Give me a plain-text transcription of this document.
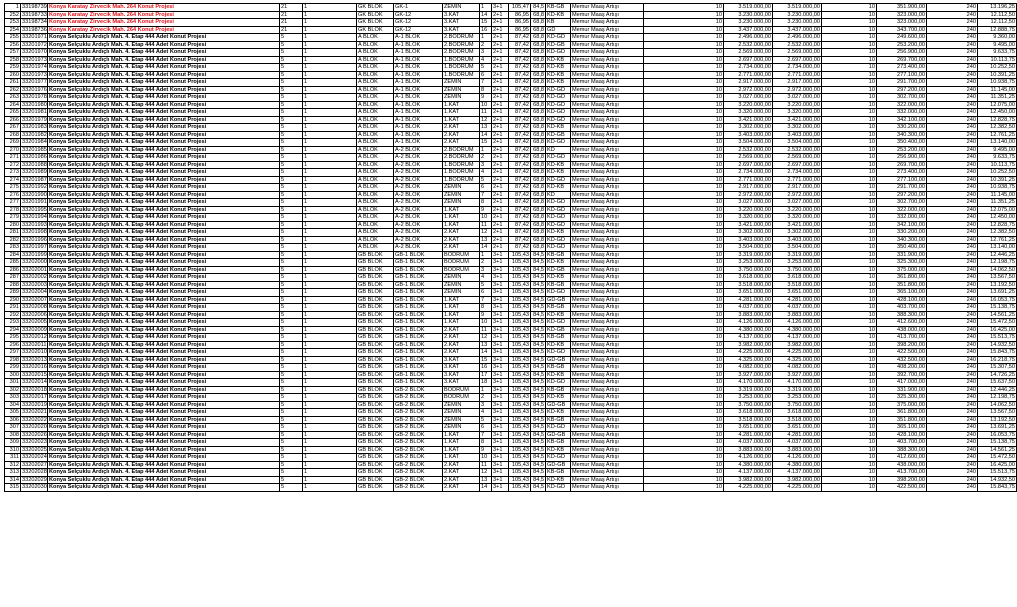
1	33198739	Konya Karatay Zirvecik Mah. 264 Konut Projesi	21	1	GK BLOK	GK-1	ZEMİN	1	3+1	105,47	84,5	KB-GB	Memur Maaş Artışı	10	3.519.000,00	3.519.000,00	10	351.900,00	240	13.196,25
252	33198733	Konya Karatay Zirvecik Mah. 264 Konut Projesi	21	1	GK BLOK	GK-12	3.KAT	14	2+1	86,95	68,8	KD-KB	Memur Maaş Artışı	10	3.230.000,00	3.230.000,00	10	323.000,00	240	12.112,50
253	33198734	Konya Karatay Zirvecik Mah. 264 Konut Projesi	21	1	GK BLOK	GK-12	3.KAT	15	2+1	86,95	68,8	KB	Memur Maaş Artışı	10	3.230.000,00	3.230.000,00	10	323.000,00	240	12.112,50
254	33198736	Konya Karatay Zirvecik Mah. 264 Konut Projesi	21	1	GK BLOK	GK-12	3.KAT	16	2+1	86,95	68,8	GD	Memur Maaş Artışı	10	3.437.000,00	3.437.000,00	10	343.700,00	240	12.888,75
255	33201971	Konya Selçuklu Ardıçlı Mah. 4. Etap 444 Adet Konut Projesi	5	1	A BLOK	A-1 BLOK	2.BODRUM	1	2+1	87,42	68,8	KD-GD	Memur Maaş Artışı	10	2.496.000,00	2.496.000,00	10	249.600,00	240	9.360,00
256	33201972	Konya Selçuklu Ardıçlı Mah. 4. Etap 444 Adet Konut Projesi	5	1	A BLOK	A-1 BLOK	2.BODRUM	2	2+1	87,42	68,8	KD-GB	Memur Maaş Artışı	10	2.532.000,00	2.532.000,00	10	253.200,00	240	9.495,00
257	33201970	Konya Selçuklu Ardıçlı Mah. 4. Etap 444 Adet Konut Projesi	5	1	A BLOK	A-1 BLOK	2.BODRUM	3	2+1	87,42	68,8	KD-GD	Memur Maaş Artışı	10	2.569.000,00	2.569.000,00	10	256.900,00	240	9.633,75
258	33201973	Konya Selçuklu Ardıçlı Mah. 4. Etap 444 Adet Konut Projesi	5	1	A BLOK	A-1 BLOK	1.BODRUM	4	2+1	87,42	68,8	KD-KB	Memur Maaş Artışı	10	2.697.000,00	2.697.000,00	10	269.700,00	240	10.113,75
259	33201974	Konya Selçuklu Ardıçlı Mah. 4. Etap 444 Adet Konut Projesi	5	1	A BLOK	A-1 BLOK	1.BODRUM	5	2+1	87,42	68,8	KD-KB	Memur Maaş Artışı	10	2.734.000,00	2.734.000,00	10	273.400,00	240	10.252,50
260	33201973	Konya Selçuklu Ardıçlı Mah. 4. Etap 444 Adet Konut Projesi	5	1	A BLOK	A-1 BLOK	1.BODRUM	6	2+1	87,42	68,8	KD-KB	Memur Maaş Artışı	10	2.771.000,00	2.771.000,00	10	277.100,00	240	10.391,25
261	33201977	Konya Selçuklu Ardıçlı Mah. 4. Etap 444 Adet Konut Projesi	5	1	A BLOK	A-1 BLOK	ZEMİN	7	2+1	87,42	68,8	KD-KB	Memur Maaş Artışı	10	2.917.000,00	2.917.000,00	10	291.700,00	240	10.938,75
262	33201976	Konya Selçuklu Ardıçlı Mah. 4. Etap 444 Adet Konut Projesi	5	1	A BLOK	A-1 BLOK	ZEMİN	8	2+1	87,42	68,8	KD-GD	Memur Maaş Artışı	10	2.972.000,00	2.972.000,00	10	297.200,00	240	11.145,00
263	33201978	Konya Selçuklu Ardıçlı Mah. 4. Etap 444 Adet Konut Projesi	5	1	A BLOK	A-1 BLOK	ZEMİN	9	2+1	87,42	68,8	KD-GD	Memur Maaş Artışı	10	3.027.000,00	3.027.000,00	10	302.700,00	240	11.351,25
264	33201980	Konya Selçuklu Ardıçlı Mah. 4. Etap 444 Adet Konut Projesi	5	1	A BLOK	A-1 BLOK	1.KAT	10	2+1	87,42	68,8	KD-GD	Memur Maaş Artışı	10	3.220.000,00	3.220.000,00	10	322.000,00	240	12.075,00
265	33201981	Konya Selçuklu Ardıçlı Mah. 4. Etap 444 Adet Konut Projesi	5	1	A BLOK	A-1 BLOK	1.KAT	11	2+1	87,42	68,8	KD-GD	Memur Maaş Artışı	10	3.320.000,00	3.320.000,00	10	332.000,00	240	12.450,00
266	33201979	Konya Selçuklu Ardıçlı Mah. 4. Etap 444 Adet Konut Projesi	5	1	A BLOK	A-1 BLOK	1.KAT	12	2+1	87,42	68,8	KD-GD	Memur Maaş Artışı	10	3.421.000,00	3.421.000,00	10	342.100,00	240	12.828,75
267	33201983	Konya Selçuklu Ardıçlı Mah. 4. Etap 444 Adet Konut Projesi	5	1	A BLOK	A-1 BLOK	2.KAT	13	2+1	87,42	68,8	KD-KB	Memur Maaş Artışı	10	3.302.000,00	3.302.000,00	10	330.200,00	240	12.382,50
268	33201982	Konya Selçuklu Ardıçlı Mah. 4. Etap 444 Adet Konut Projesi	5	1	A BLOK	A-1 BLOK	2.KAT	14	2+1	87,42	68,8	KD-GB	Memur Maaş Artışı	10	3.403.000,00	3.403.000,00	10	340.300,00	240	12.761,25
269	33201984	Konya Selçuklu Ardıçlı Mah. 4. Etap 444 Adet Konut Projesi	5	1	A BLOK	A-1 BLOK	2.KAT	15	2+1	87,42	68,8	KD-GD	Memur Maaş Artışı	10	3.504.000,00	3.504.000,00	10	350.400,00	240	13.140,00
270	33201985	Konya Selçuklu Ardıçlı Mah. 4. Etap 444 Adet Konut Projesi	5	1	A BLOK	A-2 BLOK	2.BODRUM	1	2+1	87,42	68,8	KD	Memur Maaş Artışı	10	2.532.000,00	2.532.000,00	10	253.200,00	240	9.495,00
271	33201986	Konya Selçuklu Ardıçlı Mah. 4. Etap 444 Adet Konut Projesi	5	1	A BLOK	A-2 BLOK	2.BODRUM	2	2+1	87,42	68,8	KD-GD	Memur Maaş Artışı	10	2.569.000,00	2.569.000,00	10	256.900,00	240	9.633,75
272	33201988	Konya Selçuklu Ardıçlı Mah. 4. Etap 444 Adet Konut Projesi	5	1	A BLOK	A-2 BLOK	1.BODRUM	3	2+1	87,42	68,8	KD-KB	Memur Maaş Artışı	10	2.697.000,00	2.697.000,00	10	269.700,00	240	10.113,75
273	33201989	Konya Selçuklu Ardıçlı Mah. 4. Etap 444 Adet Konut Projesi	5	1	A BLOK	A-2 BLOK	1.BODRUM	4	2+1	87,42	68,8	KD-KB	Memur Maaş Artışı	10	2.734.000,00	2.734.000,00	10	273.400,00	240	10.252,50
274	33201987	Konya Selçuklu Ardıçlı Mah. 4. Etap 444 Adet Konut Projesi	5	1	A BLOK	A-2 BLOK	1.BODRUM	5	2+1	87,42	68,8	KD-GD	Memur Maaş Artışı	10	2.771.000,00	2.771.000,00	10	277.100,00	240	10.391,25
275	33201992	Konya Selçuklu Ardıçlı Mah. 4. Etap 444 Adet Konut Projesi	5	1	A BLOK	A-2 BLOK	ZEMİN	6	2+1	87,42	68,8	KD-KB	Memur Maaş Artışı	10	2.917.000,00	2.917.000,00	10	291.700,00	240	10.938,75
276	33201990	Konya Selçuklu Ardıçlı Mah. 4. Etap 444 Adet Konut Projesi	5	1	A BLOK	A-2 BLOK	ZEMİN	7	2+1	87,42	68,8	KD	Memur Maaş Artışı	10	2.972.000,00	2.972.000,00	10	297.200,00	240	11.145,00
277	33201991	Konya Selçuklu Ardıçlı Mah. 4. Etap 444 Adet Konut Projesi	5	1	A BLOK	A-2 BLOK	ZEMİN	8	2+1	87,42	68,8	KD-GD	Memur Maaş Artışı	10	3.027.000,00	3.027.000,00	10	302.700,00	240	11.351,25
278	33201995	Konya Selçuklu Ardıçlı Mah. 4. Etap 444 Adet Konut Projesi	5	1	A BLOK	A-2 BLOK	1.KAT	9	2+1	87,42	68,8	KD-GD	Memur Maaş Artışı	10	3.220.000,00	3.220.000,00	10	322.000,00	240	12.075,00
279	33201994	Konya Selçuklu Ardıçlı Mah. 4. Etap 444 Adet Konut Projesi	5	1	A BLOK	A-2 BLOK	1.KAT	10	2+1	87,42	68,8	KD-GD	Memur Maaş Artışı	10	3.320.000,00	3.320.000,00	10	332.000,00	240	12.450,00
280	33201993	Konya Selçuklu Ardıçlı Mah. 4. Etap 444 Adet Konut Projesi	5	1	A BLOK	A-2 BLOK	1.KAT	11	2+1	87,42	68,8	KD-GD	Memur Maaş Artışı	10	3.421.000,00	3.421.000,00	10	342.100,00	240	12.828,75
281	33201998	Konya Selçuklu Ardıçlı Mah. 4. Etap 444 Adet Konut Projesi	5	1	A BLOK	A-2 BLOK	2.KAT	12	2+1	87,42	68,8	KD-KB	Memur Maaş Artışı	10	3.302.000,00	3.302.000,00	10	330.200,00	240	12.382,50
282	33201996	Konya Selçuklu Ardıçlı Mah. 4. Etap 444 Adet Konut Projesi	5	1	A BLOK	A-2 BLOK	2.KAT	13	2+1	87,42	68,8	KD-GD	Memur Maaş Artışı	10	3.403.000,00	3.403.000,00	10	340.300,00	240	12.761,25
283	33201997	Konya Selçuklu Ardıçlı Mah. 4. Etap 444 Adet Konut Projesi	5	1	A BLOK	A-2 BLOK	2.KAT	14	2+1	87,42	68,8	KD-GD	Memur Maaş Artışı	10	3.504.000,00	3.504.000,00	10	350.400,00	240	13.140,00
284	33201999	Konya Selçuklu Ardıçlı Mah. 4. Etap 444 Adet Konut Projesi	5	1	GB BLOK	GB-1 BLOK	BODRUM	1	3+1	105,43	84,5	KB-GB	Memur Maaş Artışı	10	3.319.000,00	3.319.000,00	10	331.900,00	240	12.446,25
285	33202000	Konya Selçuklu Ardıçlı Mah. 4. Etap 444 Adet Konut Projesi	5	1	GB BLOK	GB-1 BLOK	BODRUM	2	3+1	105,43	84,5	KD-KB	Memur Maaş Artışı	10	3.253.000,00	3.253.000,00	10	325.300,00	240	12.198,75
286	33202001	Konya Selçuklu Ardıçlı Mah. 4. Etap 444 Adet Konut Projesi	5	1	GB BLOK	GB-1 BLOK	BODRUM	3	3+1	105,43	84,5	KD-GB	Memur Maaş Artışı	10	3.750.000,00	3.750.000,00	10	375.000,00	240	14.062,50
287	33202002	Konya Selçuklu Ardıçlı Mah. 4. Etap 444 Adet Konut Projesi	5	1	GB BLOK	GB-1 BLOK	ZEMİN	4	3+1	105,43	84,5	KD-KB	Memur Maaş Artışı	10	3.618.000,00	3.618.000,00	10	361.800,00	240	13.567,50
288	33202003	Konya Selçuklu Ardıçlı Mah. 4. Etap 444 Adet Konut Projesi	5	1	GB BLOK	GB-1 BLOK	ZEMİN	5	3+1	105,43	84,5	KB-GB	Memur Maaş Artışı	10	3.518.000,00	3.518.000,00	10	351.800,00	240	13.192,50
289	33202004	Konya Selçuklu Ardıçlı Mah. 4. Etap 444 Adet Konut Projesi	5	1	GB BLOK	GB-1 BLOK	ZEMİN	6	3+1	105,43	84,5	KD-GD	Memur Maaş Artışı	10	3.651.000,00	3.651.000,00	10	365.100,00	240	13.691,25
290	33202007	Konya Selçuklu Ardıçlı Mah. 4. Etap 444 Adet Konut Projesi	5	1	GB BLOK	GB-1 BLOK	1.KAT	7	3+1	105,43	84,5	GD-GB	Memur Maaş Artışı	10	4.281.000,00	4.281.000,00	10	428.100,00	240	16.053,75
291	33202008	Konya Selçuklu Ardıçlı Mah. 4. Etap 444 Adet Konut Projesi	5	1	GB BLOK	GB-1 BLOK	1.KAT	8	3+1	105,43	84,5	KB-GB	Memur Maaş Artışı	10	4.037.000,00	4.037.000,00	10	403.700,00	240	15.138,75
292	33202006	Konya Selçuklu Ardıçlı Mah. 4. Etap 444 Adet Konut Projesi	5	1	GB BLOK	GB-1 BLOK	1.KAT	9	3+1	105,43	84,5	KD-KB	Memur Maaş Artışı	10	3.883.000,00	3.883.000,00	10	388.300,00	240	14.561,25
293	33202005	Konya Selçuklu Ardıçlı Mah. 4. Etap 444 Adet Konut Projesi	5	1	GB BLOK	GB-1 BLOK	1.KAT	10	3+1	105,43	84,5	KD-GD	Memur Maaş Artışı	10	4.126.000,00	4.126.000,00	10	412.600,00	240	15.472,50
294	33202009	Konya Selçuklu Ardıçlı Mah. 4. Etap 444 Adet Konut Projesi	5	1	GB BLOK	GB-1 BLOK	2.KAT	11	3+1	105,43	84,5	KD-GB	Memur Maaş Artışı	10	4.380.000,00	4.380.000,00	10	438.000,00	240	16.425,00
295	33202012	Konya Selçuklu Ardıçlı Mah. 4. Etap 444 Adet Konut Projesi	5	1	GB BLOK	GB-1 BLOK	2.KAT	12	3+1	105,43	84,5	KB-GB	Memur Maaş Artışı	10	4.137.000,00	4.137.000,00	10	413.700,00	240	15.513,75
296	33202011	Konya Selçuklu Ardıçlı Mah. 4. Etap 444 Adet Konut Projesi	5	1	GB BLOK	GB-1 BLOK	2.KAT	13	3+1	105,43	84,5	KD-KB	Memur Maaş Artışı	10	3.982.000,00	3.982.000,00	10	398.200,00	240	14.932,50
297	33202010	Konya Selçuklu Ardıçlı Mah. 4. Etap 444 Adet Konut Projesi	5	1	GB BLOK	GB-1 BLOK	2.KAT	14	3+1	105,43	84,5	KD-GD	Memur Maaş Artışı	10	4.225.000,00	4.225.000,00	10	422.500,00	240	15.843,75
298	33202013	Konya Selçuklu Ardıçlı Mah. 4. Etap 444 Adet Konut Projesi	5	1	GB BLOK	GB-1 BLOK	3.KAT	15	3+1	105,43	84,5	GD-GB	Memur Maaş Artışı	10	4.325.000,00	4.325.000,00	10	432.500,00	240	16.218,75
299	33202016	Konya Selçuklu Ardıçlı Mah. 4. Etap 444 Adet Konut Projesi	5	1	GB BLOK	GB-1 BLOK	3.KAT	16	3+1	105,43	84,5	KB-GB	Memur Maaş Artışı	10	4.082.000,00	4.082.000,00	10	408.200,00	240	15.307,50
300	33202015	Konya Selçuklu Ardıçlı Mah. 4. Etap 444 Adet Konut Projesi	5	1	GB BLOK	GB-1 BLOK	3.KAT	17	3+1	105,43	84,5	KD-KB	Memur Maaş Artışı	10	3.927.000,00	3.927.000,00	10	392.700,00	240	14.726,25
301	33202014	Konya Selçuklu Ardıçlı Mah. 4. Etap 444 Adet Konut Projesi	5	1	GB BLOK	GB-1 BLOK	3.KAT	18	3+1	105,43	84,5	KD-GD	Memur Maaş Artışı	10	4.170.000,00	4.170.000,00	10	417.000,00	240	15.637,50
302	33202018	Konya Selçuklu Ardıçlı Mah. 4. Etap 444 Adet Konut Projesi	5	1	GB BLOK	GB-2 BLOK	BODRUM	1	3+1	105,43	84,5	KB-GB	Memur Maaş Artışı	10	3.319.000,00	3.319.000,00	10	331.900,00	240	12.446,25
303	33202017	Konya Selçuklu Ardıçlı Mah. 4. Etap 444 Adet Konut Projesi	5	1	GB BLOK	GB-2 BLOK	BODRUM	2	3+1	105,43	84,5	KD-KB	Memur Maaş Artışı	10	3.253.000,00	3.253.000,00	10	325.300,00	240	12.198,75
304	33202019	Konya Selçuklu Ardıçlı Mah. 4. Etap 444 Adet Konut Projesi	5	1	GB BLOK	GB-2 BLOK	ZEMİN	3	3+1	105,43	84,5	GD-GB	Memur Maaş Artışı	10	3.750.000,00	3.750.000,00	10	375.000,00	240	14.062,50
305	33202021	Konya Selçuklu Ardıçlı Mah. 4. Etap 444 Adet Konut Projesi	5	1	GB BLOK	GB-2 BLOK	ZEMİN	4	3+1	105,43	84,5	KD-KB	Memur Maaş Artışı	10	3.618.000,00	3.618.000,00	10	361.800,00	240	13.567,50
306	33202022	Konya Selçuklu Ardıçlı Mah. 4. Etap 444 Adet Konut Projesi	5	1	GB BLOK	GB-2 BLOK	ZEMİN	5	3+1	105,43	84,5	KB-GB	Memur Maaş Artışı	10	3.518.000,00	3.518.000,00	10	351.800,00	240	13.192,50
307	33202020	Konya Selçuklu Ardıçlı Mah. 4. Etap 444 Adet Konut Projesi	5	1	GB BLOK	GB-2 BLOK	ZEMİN	6	3+1	105,43	84,5	KD-GD	Memur Maaş Artışı	10	3.651.000,00	3.651.000,00	10	365.100,00	240	13.691,25
308	33202026	Konya Selçuklu Ardıçlı Mah. 4. Etap 444 Adet Konut Projesi	5	1	GB BLOK	GB-2 BLOK	1.KAT	7	3+1	105,43	84,5	GD-GB	Memur Maaş Artışı	10	4.281.000,00	4.281.000,00	10	428.100,00	240	16.053,75
309	33202023	Konya Selçuklu Ardıçlı Mah. 4. Etap 444 Adet Konut Projesi	5	1	GB BLOK	GB-2 BLOK	1.KAT	8	3+1	105,43	84,5	KB-GB	Memur Maaş Artışı	10	4.037.000,00	4.037.000,00	10	403.700,00	240	15.138,75
310	33202025	Konya Selçuklu Ardıçlı Mah. 4. Etap 444 Adet Konut Projesi	5	1	GB BLOK	GB-2 BLOK	1.KAT	9	3+1	105,43	84,5	KD-KB	Memur Maaş Artışı	10	3.883.000,00	3.883.000,00	10	388.300,00	240	14.561,25
311	33202024	Konya Selçuklu Ardıçlı Mah. 4. Etap 444 Adet Konut Projesi	5	1	GB BLOK	GB-2 BLOK	1.KAT	10	3+1	105,43	84,5	KD-GD	Memur Maaş Artışı	10	4.126.000,00	4.126.000,00	10	412.600,00	240	15.472,50
312	33202027	Konya Selçuklu Ardıçlı Mah. 4. Etap 444 Adet Konut Projesi	5	1	GB BLOK	GB-2 BLOK	2.KAT	11	3+1	105,43	84,5	GD-GB	Memur Maaş Artışı	10	4.380.000,00	4.380.000,00	10	438.000,00	240	16.425,00
313	33202028	Konya Selçuklu Ardıçlı Mah. 4. Etap 444 Adet Konut Projesi	5	1	GB BLOK	GB-2 BLOK	2.KAT	12	3+1	105,43	84,5	KB-GB	Memur Maaş Artışı	10	4.137.000,00	4.137.000,00	10	413.700,00	240	15.513,75
314	33202029	Konya Selçuklu Ardıçlı Mah. 4. Etap 444 Adet Konut Projesi	5	1	GB BLOK	GB-2 BLOK	2.KAT	13	3+1	105,43	84,5	KD-KB	Memur Maaş Artışı	10	3.982.000,00	3.982.000,00	10	398.200,00	240	14.932,50
315	33202030	Konya Selçuklu Ardıçlı Mah. 4. Etap 444 Adet Konut Projesi	5	1	GB BLOK	GB-2 BLOK	2.KAT	14	3+1	105,43	84,5	KD-GD	Memur Maaş Artışı	10	4.225.000,00	4.225.000,00	10	422.500,00	240	15.843,75
